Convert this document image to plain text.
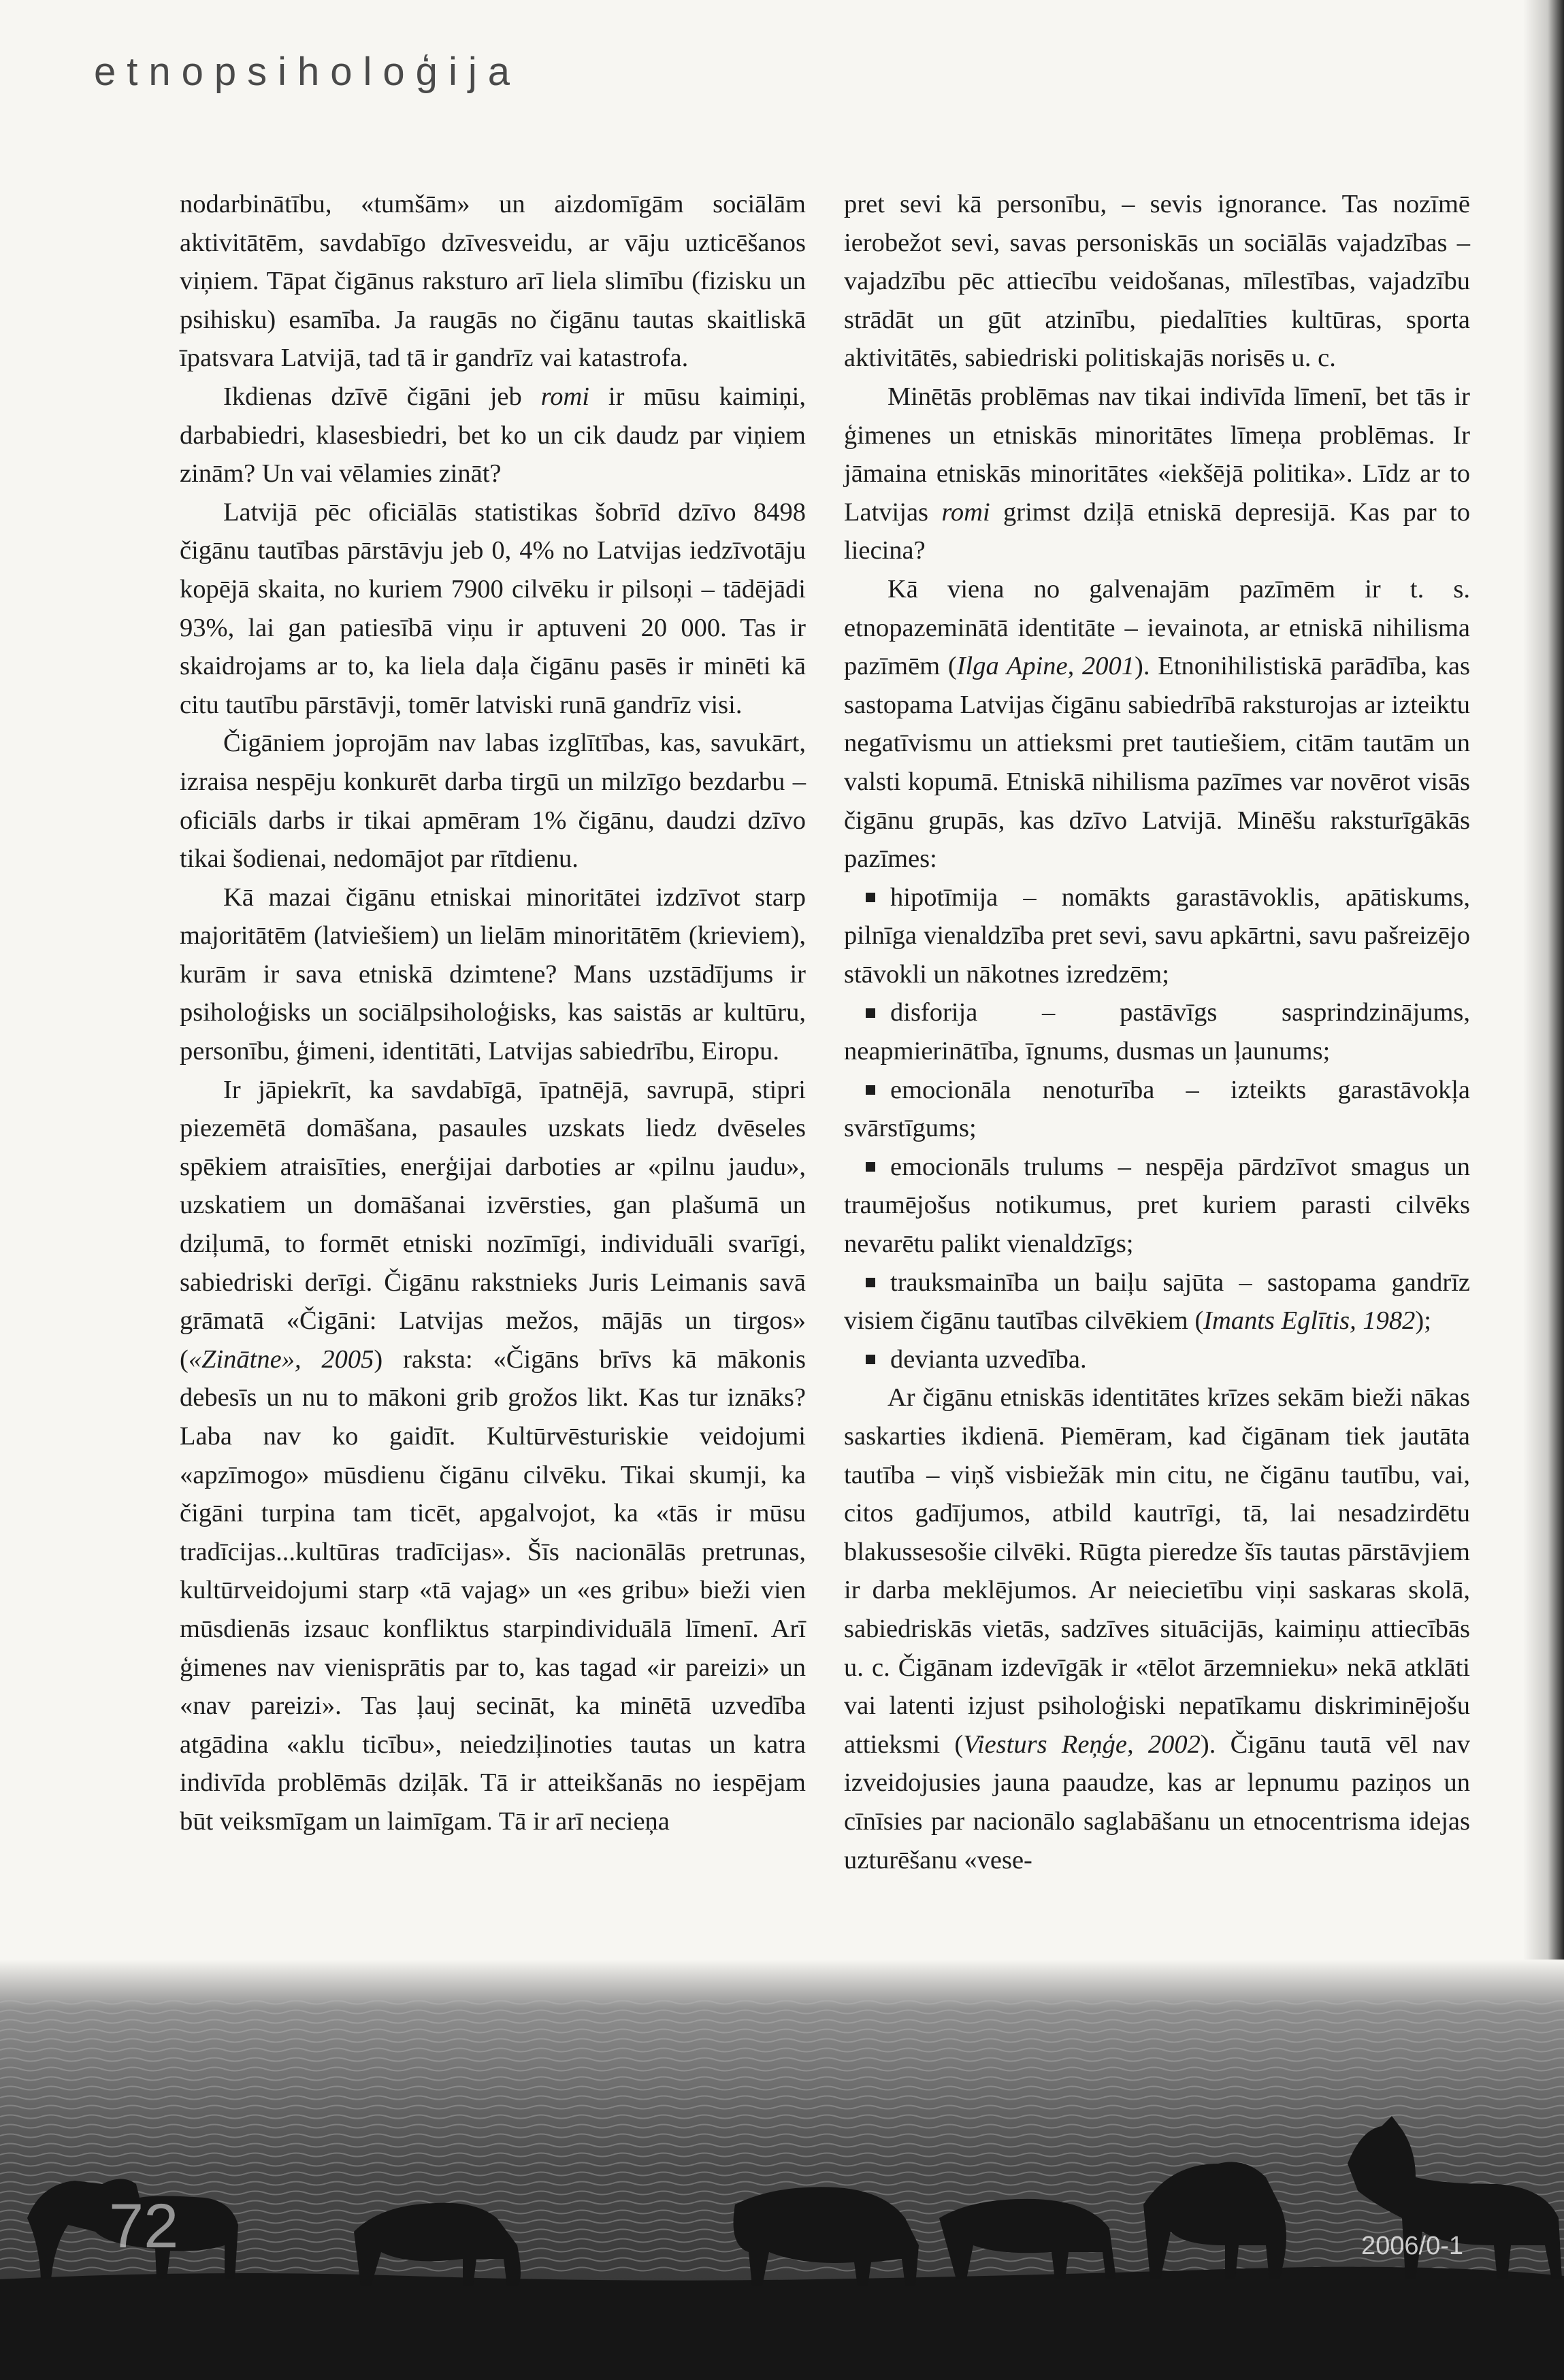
etnopsiholoģija

nodarbinātību, «tumšām» un aizdomīgām sociālām aktivitātēm, savdabīgo dzīvesveidu, ar vāju uzticēšanos viņiem. Tāpat čigānus raksturo arī liela slimību (fizisku un psihisku) esamība. Ja raugās no čigānu tautas skaitliskā īpatsvara Latvijā, tad tā ir gandrīz vai katastrofa.

Ikdienas dzīvē čigāni jeb romi ir mūsu kaimiņi, darbabiedri, klasesbiedri, bet ko un cik daudz par viņiem zinām? Un vai vēlamies zināt?

Latvijā pēc oficiālās statistikas šobrīd dzīvo 8498 čigānu tautības pārstāvju jeb 0, 4% no Latvijas iedzīvotāju kopējā skaita, no kuriem 7900 cilvēku ir pilsoņi – tādējādi 93%, lai gan patiesībā viņu ir aptuveni 20 000. Tas ir skaidrojams ar to, ka liela daļa čigānu pasēs ir minēti kā citu tautību pārstāvji, tomēr latviski runā gandrīz visi.

Čigāniem joprojām nav labas izglītības, kas, savukārt, izraisa nespēju konkurēt darba tirgū un milzīgo bezdarbu – oficiāls darbs ir tikai apmēram 1% čigānu, daudzi dzīvo tikai šodienai, nedomājot par rītdienu.

Kā mazai čigānu etniskai minoritātei izdzīvot starp majoritātēm (latviešiem) un lielām minoritātēm (krieviem), kurām ir sava etniskā dzimtene? Mans uzstādījums ir psiholoģisks un sociālpsiholoģisks, kas saistās ar kultūru, personību, ģimeni, identitāti, Latvijas sabiedrību, Eiropu.

Ir jāpiekrīt, ka savdabīgā, īpatnējā, savrupā, stipri piezemētā domāšana, pasaules uzskats liedz dvēseles spēkiem atraisīties, enerģijai darboties ar «pilnu jaudu», uzskatiem un domāšanai izvērsties, gan plašumā un dziļumā, to formēt etniski nozīmīgi, individuāli svarīgi, sabiedriski derīgi. Čigānu rakstnieks Juris Leimanis savā grāmatā «Čigāni: Latvijas mežos, mājās un tirgos» («Zinātne», 2005) raksta: «Čigāns brīvs kā mākonis debesīs un nu to mākoni grib grožos likt. Kas tur iznāks? Laba nav ko gaidīt. Kultūrvēsturiskie veidojumi «apzīmogo» mūsdienu čigānu cilvēku. Tikai skumji, ka čigāni turpina tam ticēt, apgalvojot, ka «tās ir mūsu tradīcijas...kultūras tradīcijas». Šīs nacionālās pretrunas, kultūrveidojumi starp «tā vajag» un «es gribu» bieži vien mūsdienās izsauc konfliktus starpindividuālā līmenī. Arī ģimenes nav vienisprātis par to, kas tagad «ir pareizi» un «nav pareizi». Tas ļauj secināt, ka minētā uzvedība atgādina «aklu ticību», neiedziļinoties tautas un katra indivīda problēmās dziļāk. Tā ir atteikšanās no iespējam būt veiksmīgam un laimīgam. Tā ir arī necieņa

pret sevi kā personību, – sevis ignorance. Tas nozīmē ierobežot sevi, savas personiskās un sociālās vajadzības – vajadzību pēc attiecību veidošanas, mīlestības, vajadzību strādāt un gūt atzinību, piedalīties kultūras, sporta aktivitātēs, sabiedriski politiskajās norisēs u. c.

Minētās problēmas nav tikai indivīda līmenī, bet tās ir ģimenes un etniskās minoritātes līmeņa problēmas. Ir jāmaina etniskās minoritātes «iekšējā politika». Līdz ar to Latvijas romi grimst dziļā etniskā depresijā. Kas par to liecina?

Kā viena no galvenajām pazīmēm ir t. s. etnopazeminātā identitāte – ievainota, ar etniskā nihilisma pazīmēm (Ilga Apine, 2001). Etnonihilistiskā parādība, kas sastopama Latvijas čigānu sabiedrībā raksturojas ar izteiktu negatīvismu un attieksmi pret tautiešiem, citām tautām un valsti kopumā. Etniskā nihilisma pazīmes var novērot visās čigānu grupās, kas dzīvo Latvijā. Minēšu raksturīgākās pazīmes:

hipotīmija – nomākts garastāvoklis, apātiskums, pilnīga vienaldzība pret sevi, savu apkārtni, savu pašreizējo stāvokli un nākotnes izredzēm;
disforija – pastāvīgs sasprindzinājums, neapmierinātība, īgnums, dusmas un ļaunums;
emocionāla nenoturība – izteikts garastāvokļa svārstīgums;
emocionāls trulums – nespēja pārdzīvot smagus un traumējošus notikumus, pret kuriem parasti cilvēks nevarētu palikt vienaldzīgs;
trauksmainība un baiļu sajūta – sastopama gandrīz visiem čigānu tautības cilvēkiem (Imants Eglītis, 1982);
devianta uzvedība.

Ar čigānu etniskās identitātes krīzes sekām bieži nākas saskarties ikdienā. Piemēram, kad čigānam tiek jautāta tautība – viņš visbiežāk min citu, ne čigānu tautību, vai, citos gadījumos, atbild kautrīgi, tā, lai nesadzirdētu blakussesošie cilvēki. Rūgta pieredze šīs tautas pārstāvjiem ir darba meklējumos. Ar neiecietību viņi saskaras skolā, sabiedriskās vietās, sadzīves situācijās, kaimiņu attiecībās u. c. Čigānam izdevīgāk ir «tēlot ārzemnieku» nekā atklāti vai latenti izjust psiholoģiski nepatīkamu diskriminējošu attieksmi (Viesturs Reņģe, 2002). Čigānu tautā vēl nav izveidojusies jauna paaudze, kas ar lepnumu paziņos un cīnīsies par nacionālo saglabāšanu un etnocentrisma idejas uzturēšanu «vese-

72	2006/0-1
